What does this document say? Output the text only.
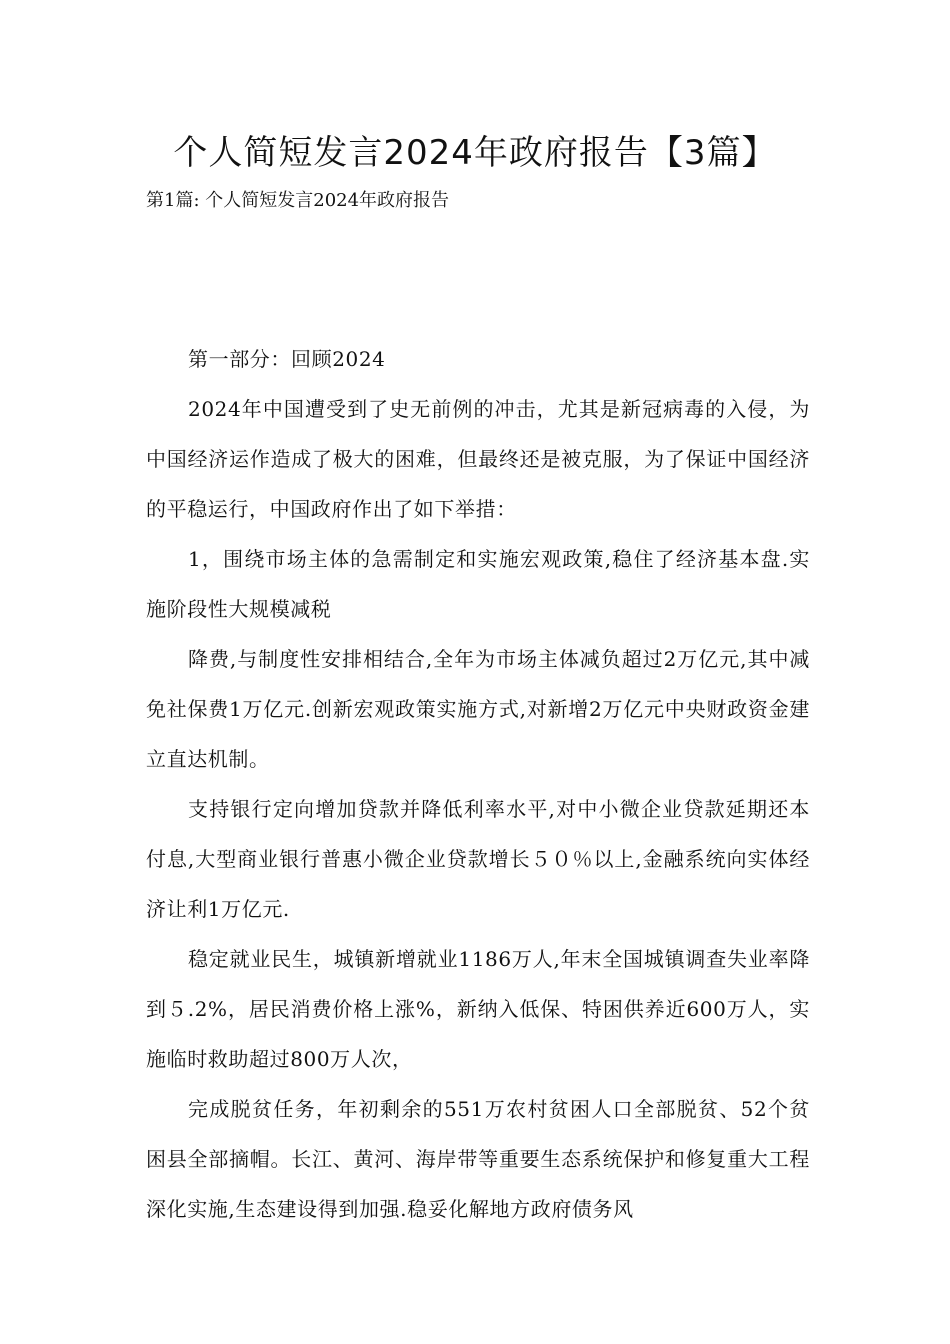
个人简短发言2024年政府报告【3篇】

第1篇: 个人简短发言2024年政府报告

第一部分：回顾2024

2024年中国遭受到了史无前例的冲击，尤其是新冠病毒的入侵，为中国经济运作造成了极大的困难，但最终还是被克服，为了保证中国经济的平稳运行，中国政府作出了如下举措：

1，围绕市场主体的急需制定和实施宏观政策,稳住了经济基本盘.实施阶段性大规模减税

降费,与制度性安排相结合,全年为市场主体减负超过2万亿元,其中减免社保费1万亿元.创新宏观政策实施方式,对新增2万亿元中央财政资金建立直达机制。

支持银行定向增加贷款并降低利率水平,对中小微企业贷款延期还本付息,大型商业银行普惠小微企业贷款增长５０％以上,金融系统向实体经济让利1万亿元.

稳定就业民生，城镇新增就业1186万人,年末全国城镇调查失业率降到５.2%，居民消费价格上涨%，新纳入低保、特困供养近600万人，实施临时救助超过800万人次，

完成脱贫任务，年初剩余的551万农村贫困人口全部脱贫、52个贫困县全部摘帽。长江、黄河、海岸带等重要生态系统保护和修复重大工程深化实施,生态建设得到加强.稳妥化解地方政府债务风
